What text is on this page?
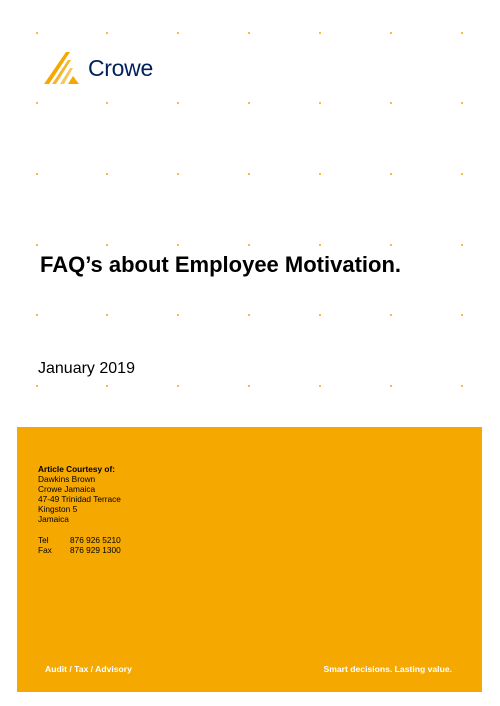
Crowe
FAQ’s about Employee Motivation.
January 2019
Article Courtesy of:
Dawkins Brown
Crowe Jamaica
47-49 Trinidad Terrace
Kingston 5
Jamaica
Tel	876 926 5210
Fax	876 929 1300
Audit / Tax / Advisory	Smart decisions. Lasting value.
